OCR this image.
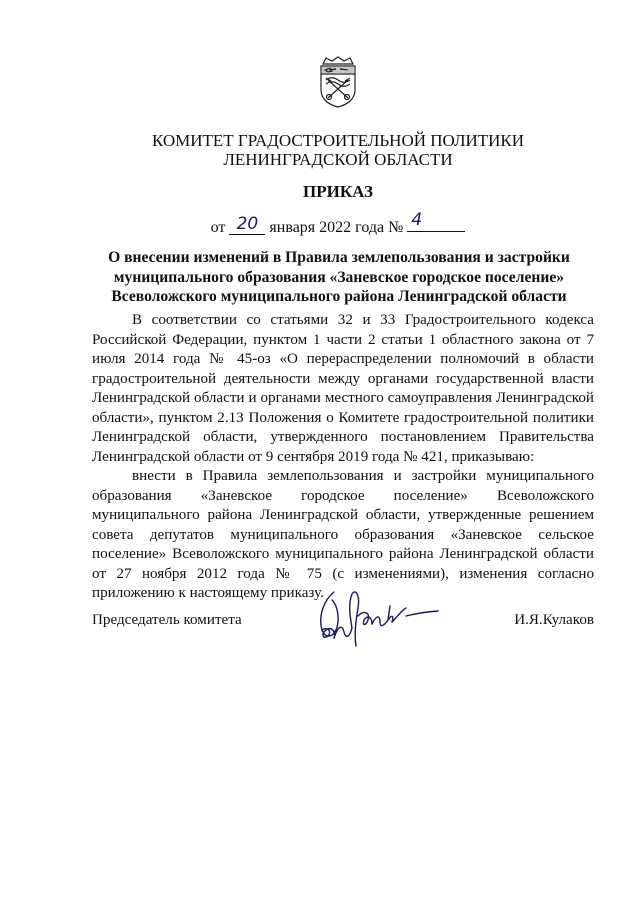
КОМИТЕТ ГРАДОСТРОИТЕЛЬНОЙ ПОЛИТИКИ
ЛЕНИНГРАДСКОЙ ОБЛАСТИ
ПРИКАЗ
от 20 января 2022 года № 4
О внесении изменений в Правила землепользования и застройки
муниципального образования «Заневское городское поселение»
Всеволожского муниципального района Ленинградской области
В соответствии со статьями 32 и 33 Градостроительного кодекса
Российской Федерации, пунктом 1 части 2 статьи 1 областного закона от 7
июля 2014 года № 45-оз «О перераспределении полномочий в области
градостроительной деятельности между органами государственной власти
Ленинградской области и органами местного самоуправления Ленинградской
области», пунктом 2.13 Положения о Комитете градостроительной политики
Ленинградской области, утвержденного постановлением Правительства
Ленинградской области от 9 сентября 2019 года № 421, приказываю:
внести в Правила землепользования и застройки муниципального
образования «Заневское городское поселение» Всеволожского
муниципального района Ленинградской области, утвержденные решением
совета депутатов муниципального образования «Заневское сельское
поселение» Всеволожского муниципального района Ленинградской области
от 27 ноября 2012 года № 75 (с изменениями), изменения согласно
приложению к настоящему приказу.
Председатель комитета	И.Я.Кулаков
